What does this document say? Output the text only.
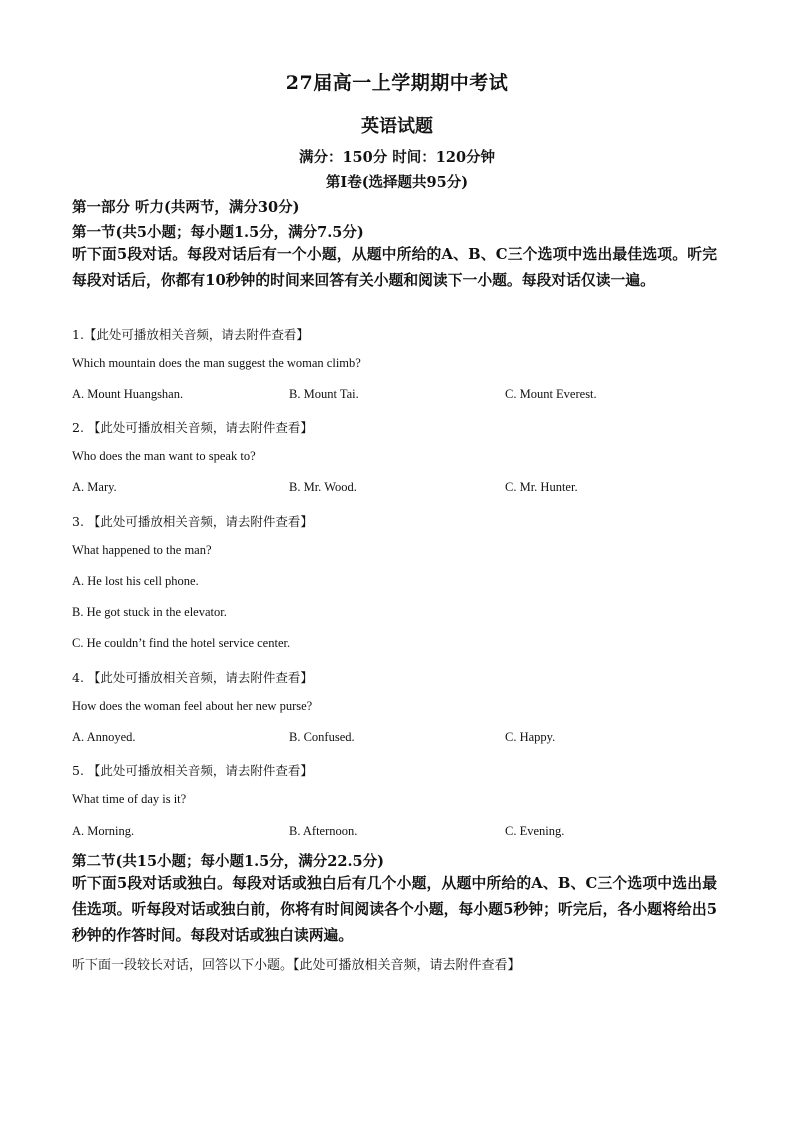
27届高一上学期期中考试
英语试题
满分：150分 时间：120分钟
第Ⅰ卷(选择题共95分)
第一部分 听力(共两节，满分30分)
第一节(共5小题；每小题1.5分，满分7.5分)
听下面5段对话。每段对话后有一个小题，从题中所给的A、B、C三个选项中选出最佳选项。听完每段对话后，你都有10秒钟的时间来回答有关小题和阅读下一小题。每段对话仅读一遍。
1.【此处可播放相关音频，请去附件查看】
Which mountain does the man suggest the woman climb?
A. Mount Huangshan.	B. Mount Tai.	C. Mount Everest.
2. 【此处可播放相关音频，请去附件查看】
Who does the man want to speak to?
A. Mary.	B. Mr. Wood.	C. Mr. Hunter.
3. 【此处可播放相关音频，请去附件查看】
What happened to the man?
A. He lost his cell phone.
B. He got stuck in the elevator.
C. He couldn’t find the hotel service center.
4. 【此处可播放相关音频，请去附件查看】
How does the woman feel about her new purse?
A. Annoyed.	B. Confused.	C. Happy.
5. 【此处可播放相关音频，请去附件查看】
What time of day is it?
A. Morning.	B. Afternoon.	C. Evening.
第二节(共15小题；每小题1.5分，满分22.5分)
听下面5段对话或独白。每段对话或独白后有几个小题，从题中所给的A、B、C三个选项中选出最佳选项。听每段对话或独白前，你将有时间阅读各个小题，每小题5秒钟；听完后，各小题将给出5秒钟的作答时间。每段对话或独白读两遍。
听下面一段较长对话，回答以下小题。【此处可播放相关音频，请去附件查看】
